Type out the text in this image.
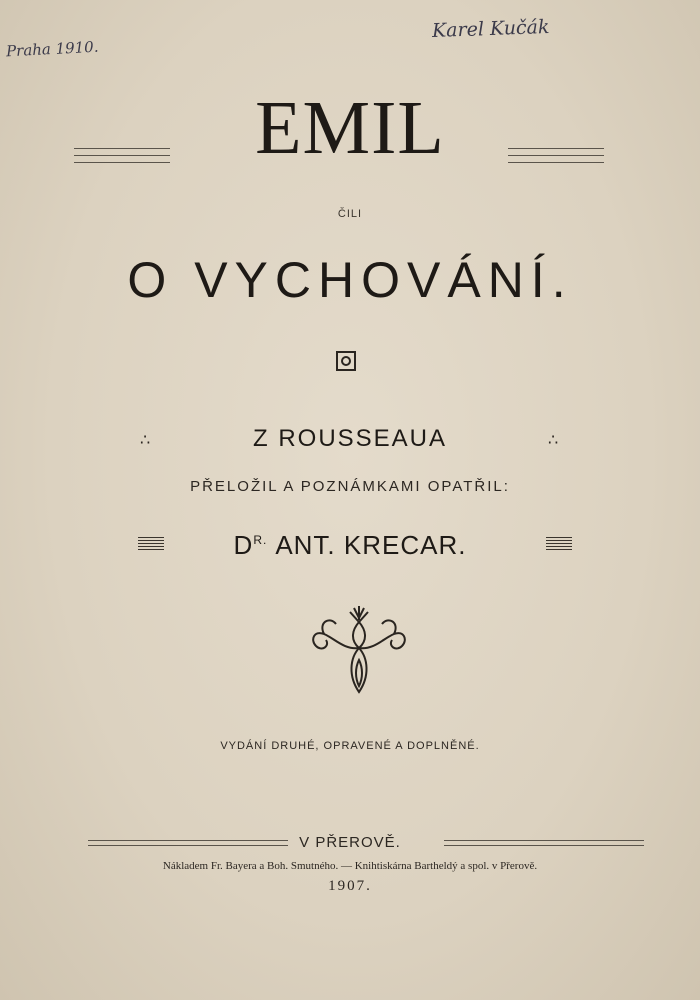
Praha 1910.
Karel Kučák
EMIL
ČILI
O VYCHOVÁNÍ.
∴	Z ROUSSEAUA	∴
PŘELOŽIL A POZNÁMKAMI OPATŘIL:
$D^{R.}$ ANT. KRECAR.
VYDÁNÍ DRUHÉ, OPRAVENÉ A DOPLNĚNÉ.
V PŘEROVĚ.
Nákladem Fr. Bayera a Boh. Smutného. — Knihtiskárna Bartheldý a spol. v Přerově.
1907.
